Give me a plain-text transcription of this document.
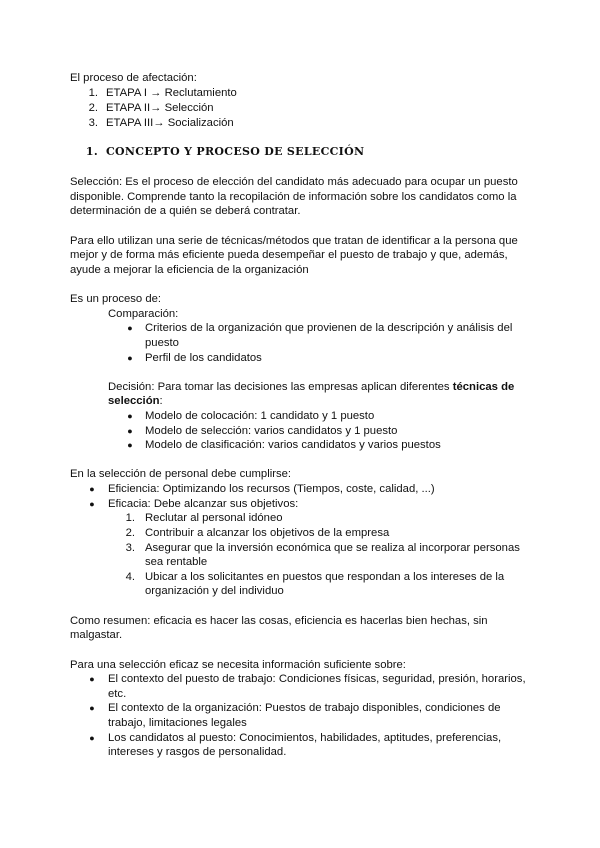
El proceso de afectación:
1. ETAPA I → Reclutamiento
2. ETAPA II→ Selección
3. ETAPA III→ Socialización
1. CONCEPTO Y PROCESO DE SELECCIÓN
Selección: Es el proceso de elección del candidato más adecuado para ocupar un puesto
disponible. Comprende tanto la recopilación de información sobre los candidatos como la
determinación de a quién se deberá contratar.
Para ello utilizan una serie de técnicas/métodos que tratan de identificar a la persona que
mejor y de forma más eficiente pueda desempeñar el puesto de trabajo y que, además,
ayude a mejorar la eficiencia de la organización
Es un proceso de:
Comparación:
● Criterios de la organización que provienen de la descripción y análisis del
puesto
● Perfil de los candidatos
Decisión: Para tomar las decisiones las empresas aplican diferentes técnicas de
selección:
● Modelo de colocación: 1 candidato y 1 puesto
● Modelo de selección: varios candidatos y 1 puesto
● Modelo de clasificación: varios candidatos y varios puestos
En la selección de personal debe cumplirse:
● Eficiencia: Optimizando los recursos (Tiempos, coste, calidad, ...)
● Eficacia: Debe alcanzar sus objetivos:
1. Reclutar al personal idóneo
2. Contribuir a alcanzar los objetivos de la empresa
3. Asegurar que la inversión económica que se realiza al incorporar personas
sea rentable
4. Ubicar a los solicitantes en puestos que respondan a los intereses de la
organización y del individuo
Como resumen: eficacia es hacer las cosas, eficiencia es hacerlas bien hechas, sin
malgastar.
Para una selección eficaz se necesita información suficiente sobre:
● El contexto del puesto de trabajo: Condiciones físicas, seguridad, presión, horarios,
etc.
● El contexto de la organización: Puestos de trabajo disponibles, condiciones de
trabajo, limitaciones legales
● Los candidatos al puesto: Conocimientos, habilidades, aptitudes, preferencias,
intereses y rasgos de personalidad.
